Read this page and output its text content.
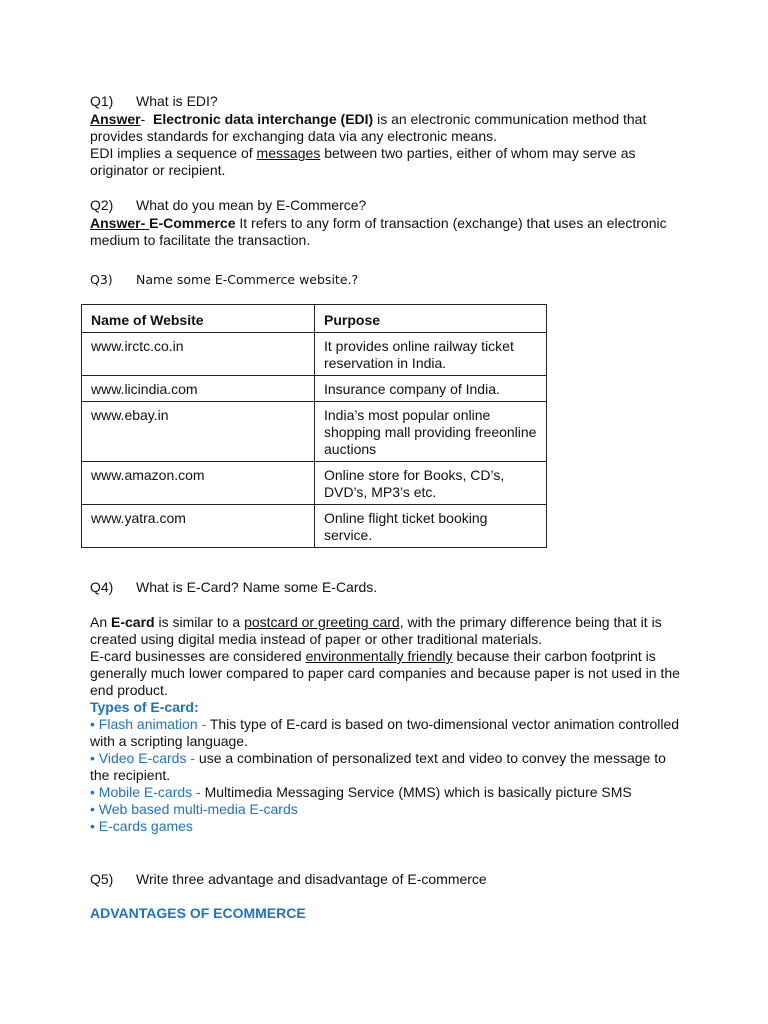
Q1)	What is EDI?
Answer- Electronic data interchange (EDI) is an electronic communication method that provides standards for exchanging data via any electronic means.
EDI implies a sequence of messages between two parties, either of whom may serve as originator or recipient.
Q2)	What do you mean by E-Commerce?
Answer- E-Commerce It refers to any form of transaction (exchange) that uses an electronic medium to facilitate the transaction.
Q3)	Name some E-Commerce website.?
Name of Website	Purpose
www.irctc.co.in	It provides online railway ticket reservation in India.
www.licindia.com	Insurance company of India.
www.ebay.in	India’s most popular online shopping mall providing freeonline auctions
www.amazon.com	Online store for Books, CD’s, DVD’s, MP3’s etc.
www.yatra.com	Online flight ticket booking service.
Q4)	What is E-Card? Name some E-Cards.
An E-card is similar to a postcard or greeting card, with the primary difference being that it is created using digital media instead of paper or other traditional materials.
E-card businesses are considered environmentally friendly because their carbon footprint is generally much lower compared to paper card companies and because paper is not used in the end product.
Types of E-card:
• Flash animation - This type of E-card is based on two-dimensional vector animation controlled with a scripting language.
• Video E-cards - use a combination of personalized text and video to convey the message to the recipient.
• Mobile E-cards - Multimedia Messaging Service (MMS) which is basically picture SMS
• Web based multi-media E-cards
• E-cards games
Q5)	Write three advantage and disadvantage of E-commerce
ADVANTAGES OF ECOMMERCE
